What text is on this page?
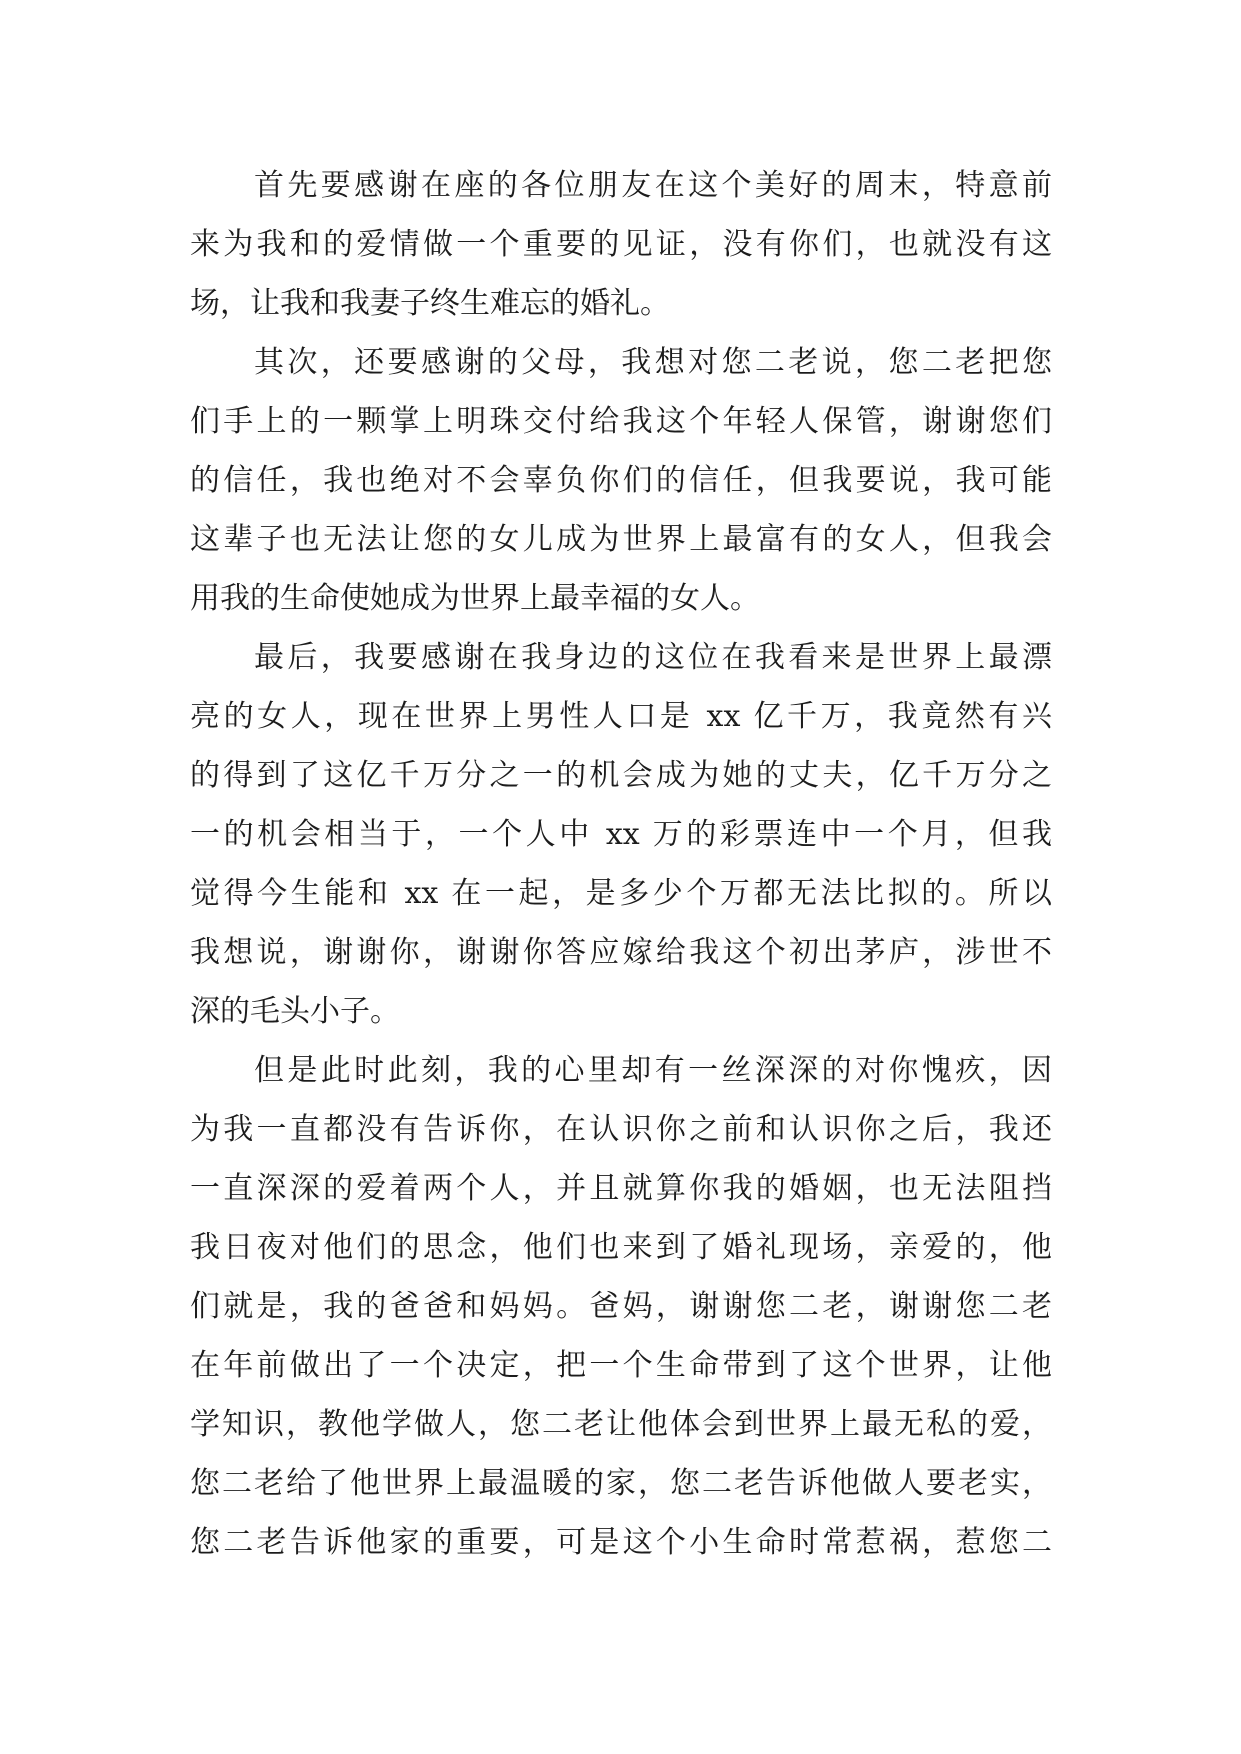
首先要感谢在座的各位朋友在这个美好的周末，特意前
来为我和的爱情做一个重要的见证，没有你们，也就没有这
场，让我和我妻子终生难忘的婚礼。
其次，还要感谢的父母，我想对您二老说，您二老把您
们手上的一颗掌上明珠交付给我这个年轻人保管，谢谢您们
的信任，我也绝对不会辜负你们的信任，但我要说，我可能
这辈子也无法让您的女儿成为世界上最富有的女人，但我会
用我的生命使她成为世界上最幸福的女人。
最后，我要感谢在我身边的这位在我看来是世界上最漂
亮的女人，现在世界上男性人口是 xx 亿千万，我竟然有兴
的得到了这亿千万分之一的机会成为她的丈夫，亿千万分之
一的机会相当于，一个人中 xx 万的彩票连中一个月，但我
觉得今生能和 xx 在一起，是多少个万都无法比拟的。所以
我想说，谢谢你，谢谢你答应嫁给我这个初出茅庐，涉世不
深的毛头小子。
但是此时此刻，我的心里却有一丝深深的对你愧疚，因
为我一直都没有告诉你，在认识你之前和认识你之后，我还
一直深深的爱着两个人，并且就算你我的婚姻，也无法阻挡
我日夜对他们的思念，他们也来到了婚礼现场，亲爱的，他
们就是，我的爸爸和妈妈。爸妈，谢谢您二老，谢谢您二老
在年前做出了一个决定，把一个生命带到了这个世界，让他
学知识，教他学做人，您二老让他体会到世界上最无私的爱，
您二老给了他世界上最温暖的家，您二老告诉他做人要老实，
您二老告诉他家的重要，可是这个小生命时常惹祸，惹您二
